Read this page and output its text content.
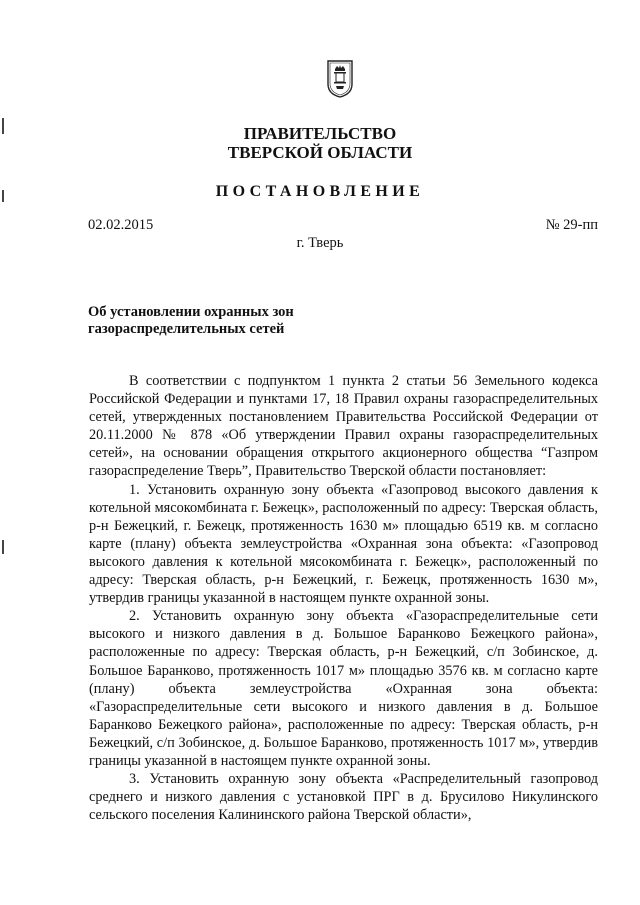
ПРАВИТЕЛЬСТВО
ТВЕРСКОЙ ОБЛАСТИ
ПОСТАНОВЛЕНИЕ
02.02.2015	№ 29-пп
г. Тверь
Об установлении охранных зон
газораспределительных сетей

В соответствии с подпунктом 1 пункта 2 статьи 56 Земельного кодекса Российской Федерации и пунктами 17, 18 Правил охраны газораспределительных сетей, утвержденных постановлением Правительства Российской Федерации от 20.11.2000 № 878 «Об утверждении Правил охраны газораспределительных сетей», на основании обращения открытого акционерного общества “Газпром газораспределение Тверь”, Правительство Тверской области постановляет:

1. Установить охранную зону объекта «Газопровод высокого давления к котельной мясокомбината г. Бежецк», расположенный по адресу: Тверская область, р-н Бежецкий, г. Бежецк, протяженность 1630 м» площадью 6519 кв. м согласно карте (плану) объекта землеустройства «Охранная зона объекта: «Газопровод высокого давления к котельной мясокомбината г. Бежецк», расположенный по адресу: Тверская область, р-н Бежецкий, г. Бежецк, протяженность 1630 м», утвердив границы указанной в настоящем пункте охранной зоны.

2. Установить охранную зону объекта «Газораспределительные сети высокого и низкого давления в д. Большое Баранково Бежецкого района», расположенные по адресу: Тверская область, р-н Бежецкий, с/п Зобинское, д. Большое Баранково, протяженность 1017 м» площадью 3576 кв. м согласно карте (плану) объекта землеустройства «Охранная зона объекта: «Газораспределительные сети высокого и низкого давления в д. Большое Баранково Бежецкого района», расположенные по адресу: Тверская область, р-н Бежецкий, с/п Зобинское, д. Большое Баранково, протяженность 1017 м», утвердив границы указанной в настоящем пункте охранной зоны.

3. Установить охранную зону объекта «Распределительный газопровод среднего и низкого давления с установкой ПРГ в д. Брусилово Никулинского сельского поселения Калининского района Тверской области»,
